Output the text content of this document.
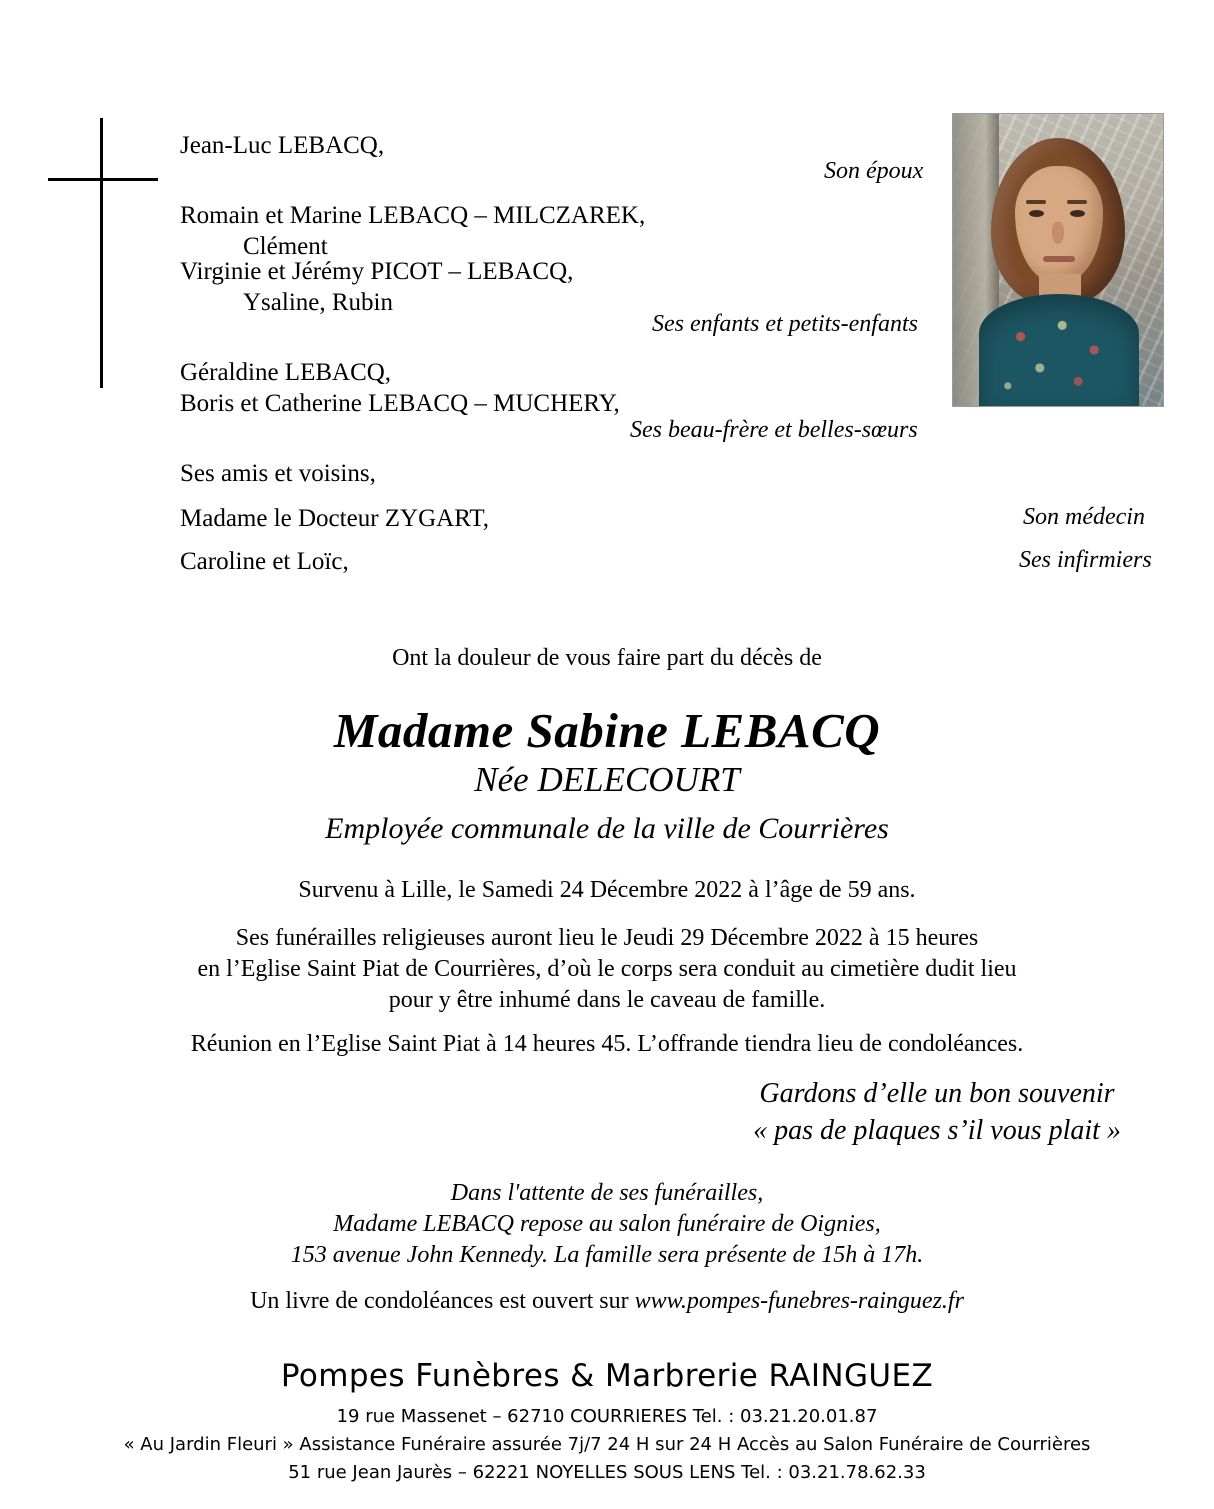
Jean-Luc LEBACQ,
Son époux
Romain et Marine LEBACQ – MILCZAREK,
Clément
Virginie et Jérémy PICOT – LEBACQ,
Ysaline, Rubin
Ses enfants et petits-enfants
Géraldine LEBACQ,
Boris et Catherine LEBACQ – MUCHERY,
Ses beau-frère et belles-sœurs
Ses amis et voisins,
Madame le Docteur ZYGART,	Son médecin
Caroline et Loïc,	Ses infirmiers
Ont la douleur de vous faire part du décès de
Madame Sabine LEBACQ
Née DELECOURT
Employée communale de la ville de Courrières
Survenu à Lille, le Samedi 24 Décembre 2022 à l’âge de 59 ans.
Ses funérailles religieuses auront lieu le Jeudi 29 Décembre 2022 à 15 heures
en l’Eglise Saint Piat de Courrières, d’où le corps sera conduit au cimetière dudit lieu
pour y être inhumé dans le caveau de famille.
Réunion en l’Eglise Saint Piat à 14 heures 45. L’offrande tiendra lieu de condoléances.
Gardons d’elle un bon souvenir
« pas de plaques s’il vous plait »
Dans l'attente de ses funérailles,
Madame LEBACQ repose au salon funéraire de Oignies,
153 avenue John Kennedy. La famille sera présente de 15h à 17h.
Un livre de condoléances est ouvert sur www.pompes-funebres-rainguez.fr
Pompes Funèbres & Marbrerie RAINGUEZ
19 rue Massenet – 62710 COURRIERES Tel. : 03.21.20.01.87
« Au Jardin Fleuri » Assistance Funéraire assurée 7j/7 24 H sur 24 H Accès au Salon Funéraire de Courrières
51 rue Jean Jaurès – 62221 NOYELLES SOUS LENS Tel. : 03.21.78.62.33
